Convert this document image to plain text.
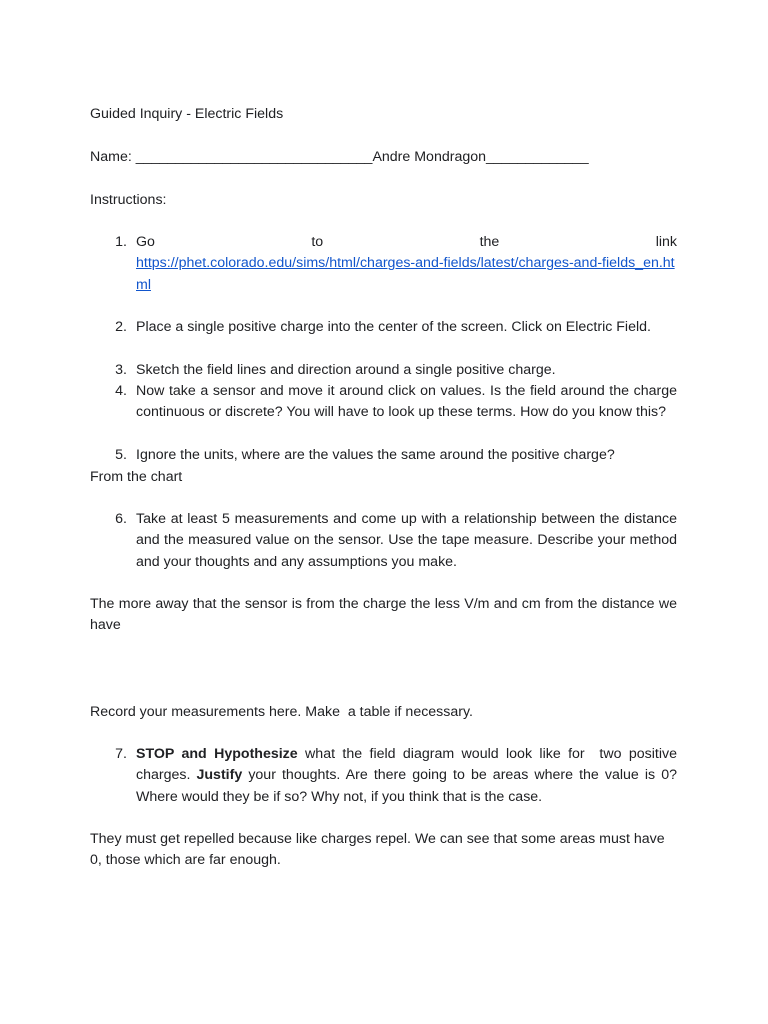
Guided Inquiry - Electric Fields

Name: ______________________________Andre Mondragon_____________

Instructions:

1. Go	to	the	link
https://phet.colorado.edu/sims/html/charges-and-fields/latest/charges-and-fields_en.html
2. Place a single positive charge into the center of the screen. Click on Electric Field.
3. Sketch the field lines and direction around a single positive charge.
4. Now take a sensor and move it around click on values. Is the field around the charge continuous or discrete? You will have to look up these terms. How do you know this?
5. Ignore the units, where are the values the same around the positive charge?

From the chart

6. Take at least 5 measurements and come up with a relationship between the distance and the measured value on the sensor. Use the tape measure. Describe your method and your thoughts and any assumptions you make.

The more away that the sensor is from the charge the less V/m and cm from the distance we have

Record your measurements here. Make  a table if necessary.

7. STOP and Hypothesize what the field diagram would look like for  two positive charges. Justify your thoughts. Are there going to be areas where the value is 0? Where would they be if so? Why not, if you think that is the case.

They must get repelled because like charges repel. We can see that some areas must have 0, those which are far enough.
